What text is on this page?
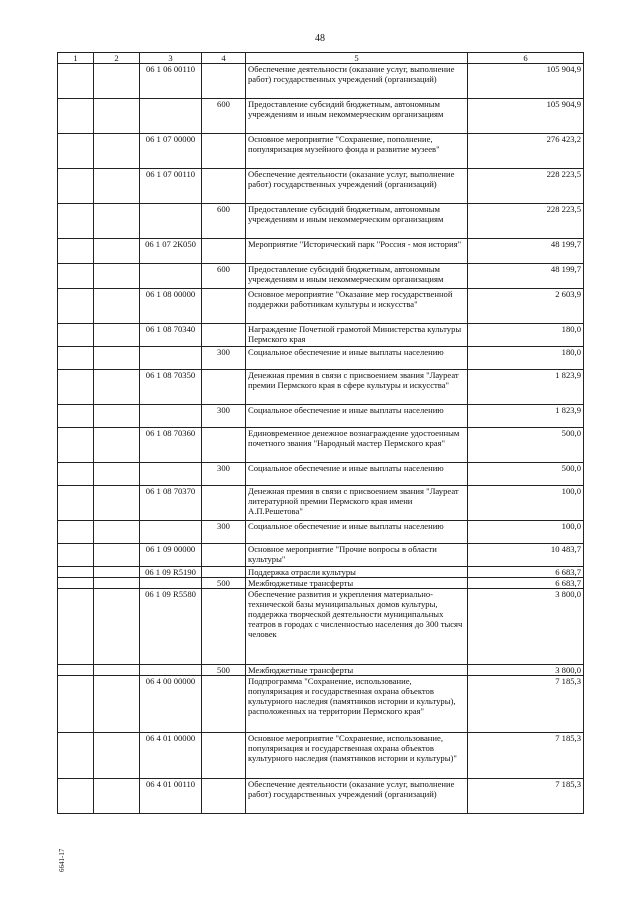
48
1	2	3	4	5	6
		06 1 06 00110		Обеспечение деятельности (оказание услуг, выполнение работ) государственных учреждений (организаций)	105 904,9
			600	Предоставление субсидий бюджетным, автономным учреждениям и иным некоммерческим организациям	105 904,9
		06 1 07 00000		Основное мероприятие "Сохранение, пополнение, популяризация музейного фонда и развитие музеев"	276 423,2
		06 1 07 00110		Обеспечение деятельности (оказание услуг, выполнение работ) государственных учреждений (организаций)	228 223,5
			600	Предоставление субсидий бюджетным, автономным учреждениям и иным некоммерческим организациям	228 223,5
		06 1 07 2К050		Мероприятие "Исторический парк "Россия - моя история"	48 199,7
			600	Предоставление субсидий бюджетным, автономным учреждениям и иным некоммерческим организациям	48 199,7
		06 1 08 00000		Основное мероприятие "Оказание мер государственной поддержки работникам культуры и искусства"	2 603,9
		06 1 08 70340		Награждение Почетной грамотой Министерства культуры Пермского края	180,0
			300	Социальное обеспечение и иные выплаты населению	180,0
		06 1 08 70350		Денежная премия в связи с присвоением звания "Лауреат премии Пермского края в сфере культуры и искусства"	1 823,9
			300	Социальное обеспечение и иные выплаты населению	1 823,9
		06 1 08 70360		Единовременное денежное вознаграждение удостоенным почетного звания "Народный мастер Пермского края"	500,0
			300	Социальное обеспечение и иные выплаты населению	500,0
		06 1 08 70370		Денежная премия в связи с присвоением звания "Лауреат литературной премии Пермского края имени А.П.Решетова"	100,0
			300	Социальное обеспечение и иные выплаты населению	100,0
		06 1 09 00000		Основное мероприятие "Прочие вопросы в области культуры"	10 483,7
		06 1 09 R5190		Поддержка отрасли культуры	6 683,7
			500	Межбюджетные трансферты	6 683,7
		06 1 09 R5580		Обеспечение развития и укрепления материально-технической базы муниципальных домов культуры, поддержка творческой деятельности муниципальных театров в городах с численностью населения до 300 тысяч человек	3 800,0
			500	Межбюджетные трансферты	3 800,0
		06 4 00 00000		Подпрограмма "Сохранение, использование, популяризация и государственная охрана объектов культурного наследия (памятников истории и культуры), расположенных на территории Пермского края"	7 185,3
		06 4 01 00000		Основное мероприятие "Сохранение, использование, популяризация и государственная охрана объектов культурного наследия (памятников истории и культуры)"	7 185,3
		06 4 01 00110		Обеспечение деятельности (оказание услуг, выполнение работ) государственных учреждений (организаций)	7 185,3
6641-17
